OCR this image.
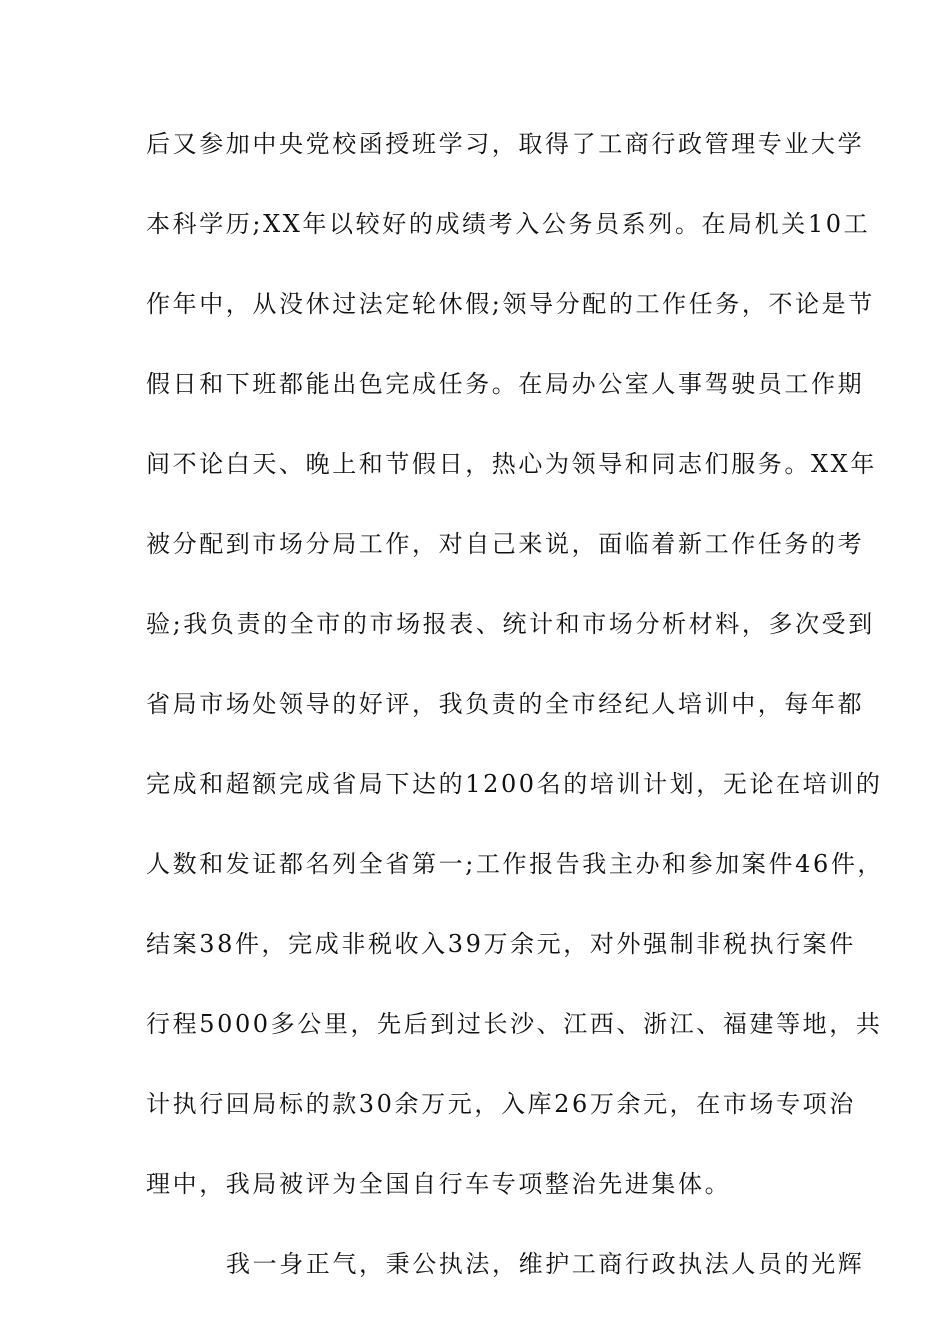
后又参加中央党校函授班学习，取得了工商行政管理专业大学
本科学历;XX年以较好的成绩考入公务员系列。在局机关10工
作年中，从没休过法定轮休假;领导分配的工作任务，不论是节
假日和下班都能出色完成任务。在局办公室人事驾驶员工作期
间不论白天、晚上和节假日，热心为领导和同志们服务。XX年
被分配到市场分局工作，对自己来说，面临着新工作任务的考
验;我负责的全市的市场报表、统计和市场分析材料，多次受到
省局市场处领导的好评，我负责的全市经纪人培训中，每年都
完成和超额完成省局下达的1200名的培训计划，无论在培训的
人数和发证都名列全省第一;工作报告我主办和参加案件46件，
结案38件，完成非税收入39万余元，对外强制非税执行案件
行程5000多公里，先后到过长沙、江西、浙江、福建等地，共
计执行回局标的款30余万元，入库26万余元，在市场专项治
理中，我局被评为全国自行车专项整治先进集体。
我一身正气，秉公执法，维护工商行政执法人员的光辉
